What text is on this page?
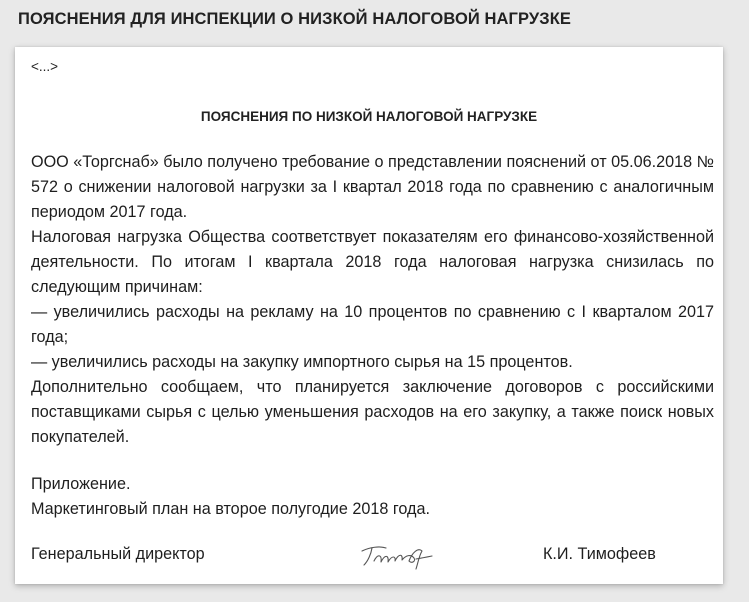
ПОЯСНЕНИЯ ДЛЯ ИНСПЕКЦИИ О НИЗКОЙ НАЛОГОВОЙ НАГРУЗКЕ
<...>
ПОЯСНЕНИЯ ПО НИЗКОЙ НАЛОГОВОЙ НАГРУЗКЕ

ООО «Торгснаб» было получено требование о представлении пояснений от 05.06.2018 № 572 о снижении налоговой нагрузки за I квартал 2018 года по сравнению с аналогичным периодом 2017 года.

Налоговая нагрузка Общества соответствует показателям его финансово-хозяйственной деятельности. По итогам I квартала 2018 года налоговая нагрузка снизилась по следующим причинам:

— увеличились расходы на рекламу на 10 процентов по сравнению с I кварталом 2017 года;

— увеличились расходы на закупку импортного сырья на 15 процентов.

Дополнительно сообщаем, что планируется заключение договоров с российскими поставщиками сырья с целью уменьшения расходов на его закупку, а также поиск новых покупателей.

Приложение.

Маркетинговый план на второе полугодие 2018 года.

Генеральный директор	К.И. Тимофеев
